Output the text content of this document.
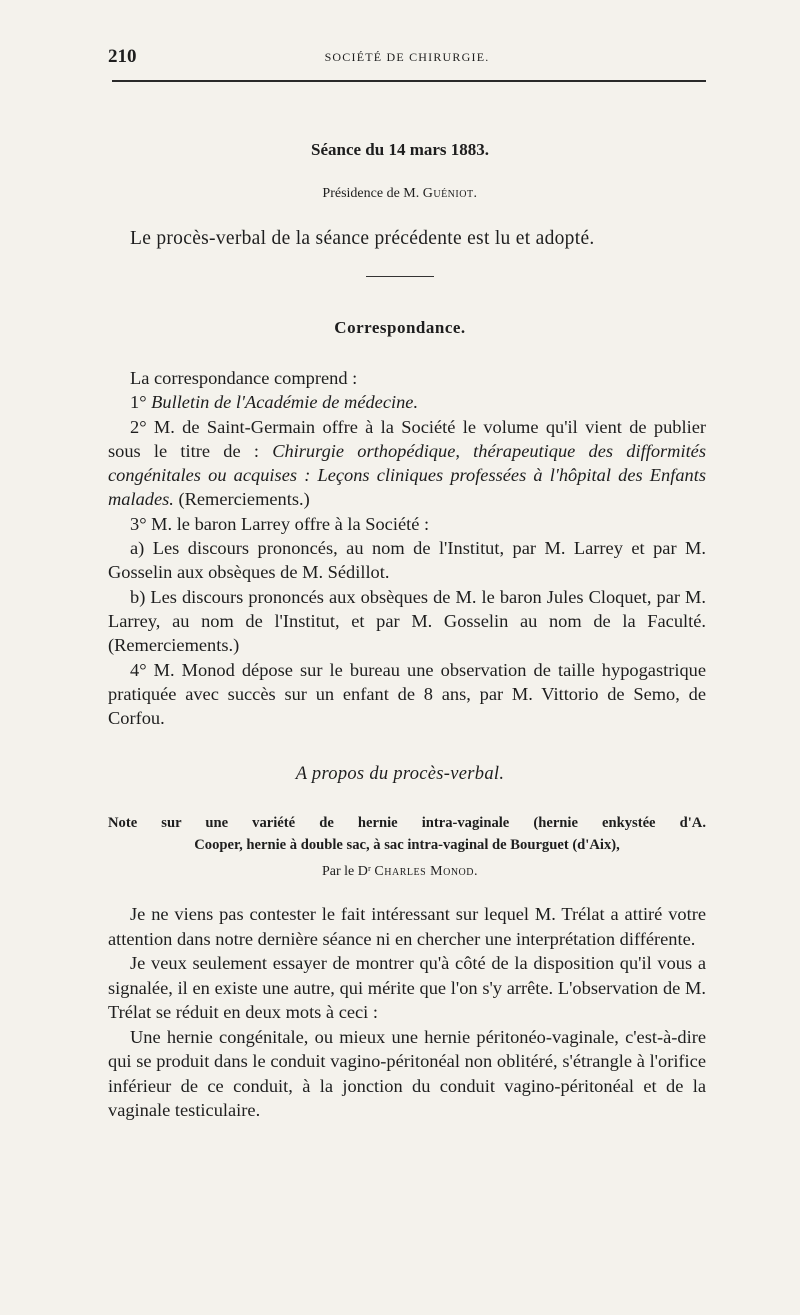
210	SOCIÉTÉ DE CHIRURGIE.
Séance du 14 mars 1883.
Présidence de M. Guéniot.
Le procès-verbal de la séance précédente est lu et adopté.
Correspondance.

La correspondance comprend :

1° Bulletin de l'Académie de médecine.

2° M. de Saint-Germain offre à la Société le volume qu'il vient de publier sous le titre de : Chirurgie orthopédique, thérapeutique des difformités congénitales ou acquises : Leçons cliniques professées à l'hôpital des Enfants malades. (Remerciements.)

3° M. le baron Larrey offre à la Société :

a) Les discours prononcés, au nom de l'Institut, par M. Larrey et par M. Gosselin aux obsèques de M. Sédillot.

b) Les discours prononcés aux obsèques de M. le baron Jules Cloquet, par M. Larrey, au nom de l'Institut, et par M. Gosselin au nom de la Faculté. (Remerciements.)

4° M. Monod dépose sur le bureau une observation de taille hypogastrique pratiquée avec succès sur un enfant de 8 ans, par M. Vittorio de Semo, de Corfou.

A propos du procès-verbal.
Note sur une variété de hernie intra-vaginale (hernie enkystée d'A.
Cooper, hernie à double sac, à sac intra-vaginal de Bourguet (d'Aix),
Par le Dʳ Charles Monod.

Je ne viens pas contester le fait intéressant sur lequel M. Trélat a attiré votre attention dans notre dernière séance ni en chercher une interprétation différente.

Je veux seulement essayer de montrer qu'à côté de la disposition qu'il vous a signalée, il en existe une autre, qui mérite que l'on s'y arrête. L'observation de M. Trélat se réduit en deux mots à ceci :

Une hernie congénitale, ou mieux une hernie péritonéo-vaginale, c'est-à-dire qui se produit dans le conduit vagino-péritonéal non oblitéré, s'étrangle à l'orifice inférieur de ce conduit, à la jonction du conduit vagino-péritonéal et de la vaginale testiculaire.
